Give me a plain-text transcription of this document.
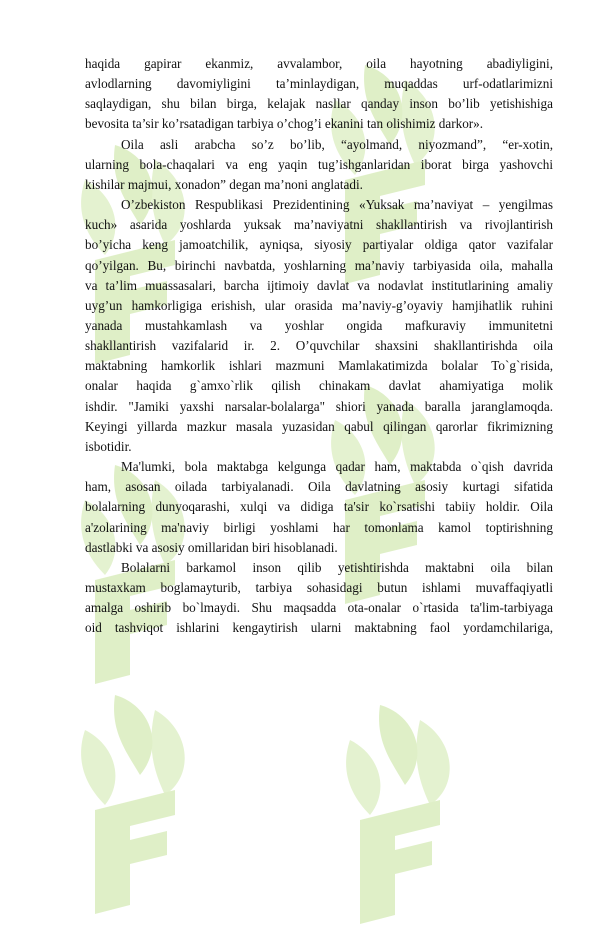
haqida gapirar ekanmiz, avvalambor, oila hayotning abadiyligini,
avlodlarning davomiyligini ta’minlaydigan, muqaddas urf-odatlarimizni
saqlaydigan, shu bilan birga, kelajak nasllar qanday inson bo’lib yetishishiga
bevosita ta’sir ko’rsatadigan tarbiya o’chog’i ekanini tan olishimiz darkor».
Oila asli arabcha so’z bo’lib, “ayolmand, niyozmand”, “er-xotin,
ularning bola-chaqalari va eng yaqin tug’ishganlaridan iborat birga yashovchi
kishilar majmui, xonadon” degan ma’noni anglatadi.
O’zbekiston Respublikasi Prezidentining «Yuksak ma’naviyat – yengilmas
kuch» asarida yoshlarda yuksak ma’naviyatni shakllantirish va rivojlantirish
bo’yicha keng jamoatchilik, ayniqsa, siyosiy partiyalar oldiga qator vazifalar
qo’yilgan. Bu, birinchi navbatda, yoshlarning ma’naviy tarbiyasida oila, mahalla
va ta’lim muassasalari, barcha ijtimoiy davlat va nodavlat institutlarining amaliy
uyg’un hamkorligiga erishish, ular orasida ma’naviy-g’oyaviy hamjihatlik ruhini
yanada mustahkamlash va yoshlar ongida mafkuraviy immunitetni
shakllantirish vazifalarid ir. 2. O’quvchilar shaxsini shakllantirishda oila
maktabning hamkorlik ishlari mazmuni Mamlakatimizda bolalar To`g`risida,
onalar haqida g`amxo`rlik qilish chinakam davlat ahamiyatiga molik
ishdir. "Jamiki yaxshi narsalar-bolalarga" shiori yanada baralla jaranglamoqda.
Keyingi yillarda mazkur masala yuzasidan qabul qilingan qarorlar fikrimizning
isbotidir.
Ma'lumki, bola maktabga kelgunga qadar ham, maktabda o`qish davrida
ham, asosan oilada tarbiyalanadi. Oila davlatning asosiy kurtagi sifatida
bolalarning dunyoqarashi, xulqi va didiga ta'sir ko`rsatishi tabiiy holdir. Oila
a'zolarining ma'naviy birligi yoshlami har tomonlama kamol toptirishning
dastlabki va asosiy omillaridan biri hisoblanadi.
Bolalarni barkamol inson qilib yetishtirishda maktabni oila bilan
mustaxkam boglamayturib, tarbiya sohasidagi butun ishlami muvaffaqiyatli
amalga oshirib bo`lmaydi. Shu maqsadda ota-onalar o`rtasida ta'lim-tarbiyaga
oid tashviqot ishlarini kengaytirish ularni maktabning faol yordamchilariga,
